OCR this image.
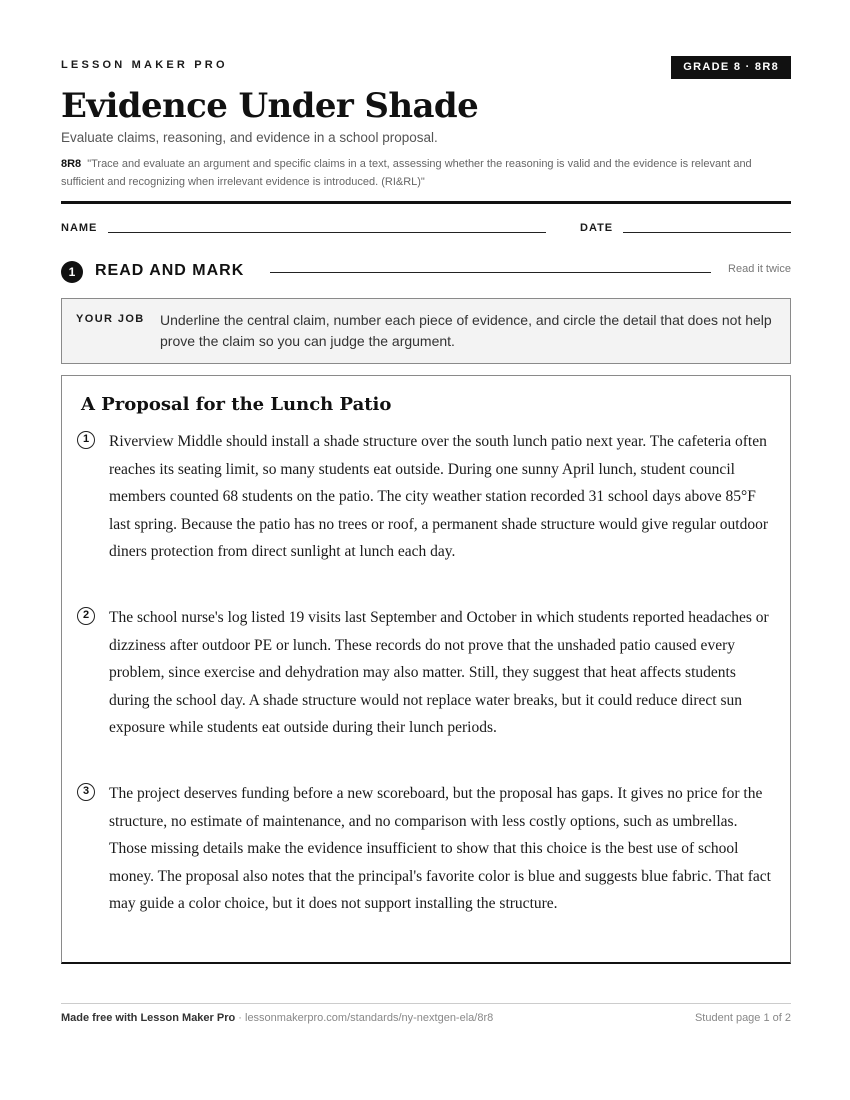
LESSON MAKER PRO	GRADE 8 · 8R8
Evidence Under Shade
Evaluate claims, reasoning, and evidence in a school proposal.
8R8 "Trace and evaluate an argument and specific claims in a text, assessing whether the reasoning is valid and the evidence is relevant and sufficient and recognizing when irrelevant evidence is introduced. (RI&RL)"
NAME	DATE
1	READ AND MARK	Read it twice
YOUR JOB Underline the central claim, number each piece of evidence, and circle the detail that does not help prove the claim so you can judge the argument.
A Proposal for the Lunch Patio
1	Riverview Middle should install a shade structure over the south lunch patio next year. The cafeteria often reaches its seating limit, so many students eat outside. During one sunny April lunch, student council members counted 68 students on the patio. The city weather station recorded 31 school days above 85°F last spring. Because the patio has no trees or roof, a permanent shade structure would give regular outdoor diners protection from direct sunlight at lunch each day.

2	The school nurse's log listed 19 visits last September and October in which students reported headaches or dizziness after outdoor PE or lunch. These records do not prove that the unshaded patio caused every problem, since exercise and dehydration may also matter. Still, they suggest that heat affects students during the school day. A shade structure would not replace water breaks, but it could reduce direct sun exposure while students eat outside during their lunch periods.

3	The project deserves funding before a new scoreboard, but the proposal has gaps. It gives no price for the structure, no estimate of maintenance, and no comparison with less costly options, such as umbrellas. Those missing details make the evidence insufficient to show that this choice is the best use of school money. The proposal also notes that the principal's favorite color is blue and suggests blue fabric. That fact may guide a color choice, but it does not support installing the structure.

Made free with Lesson Maker Pro · lessonmakerpro.com/standards/ny-nextgen-ela/8r8	Student page 1 of 2
